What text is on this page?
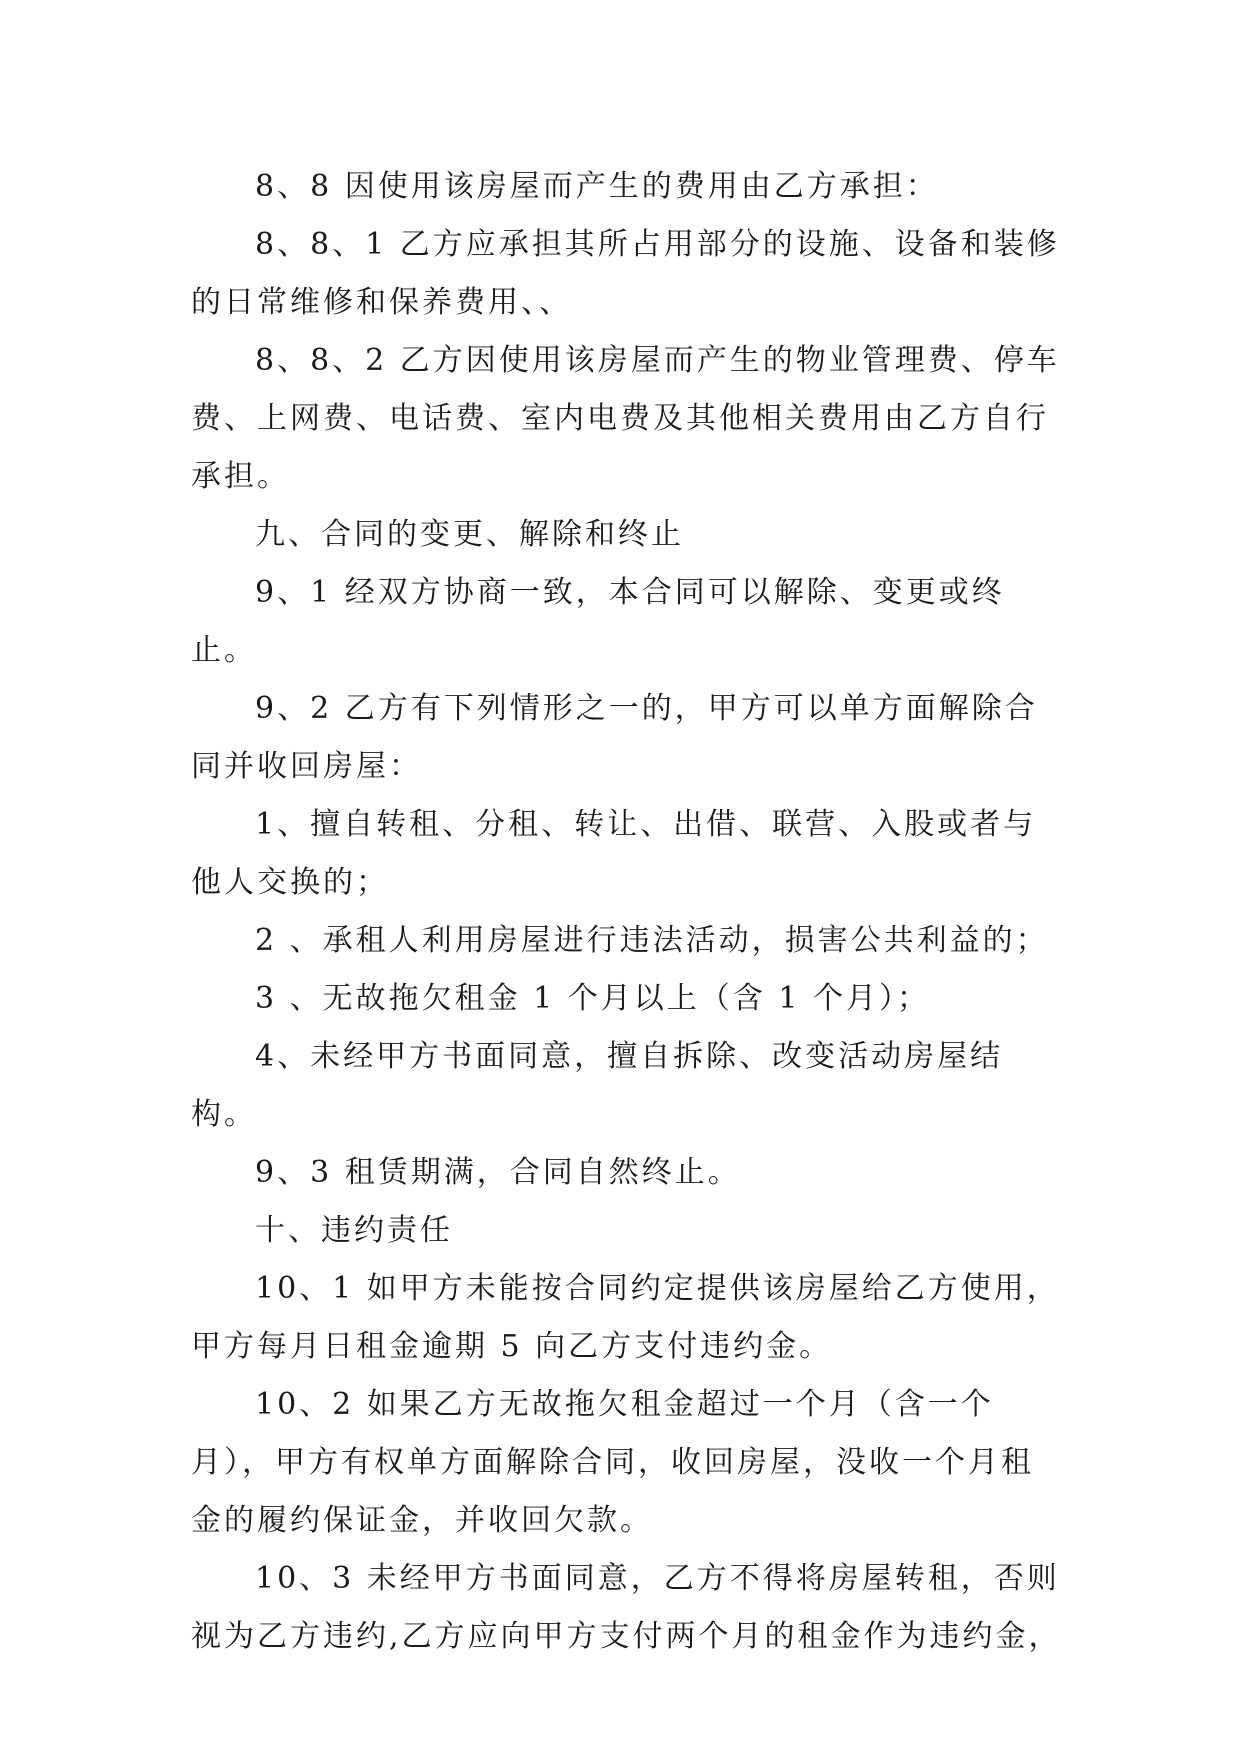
8、8 因使用该房屋而产生的费用由乙方承担：

8、8、1 乙方应承担其所占用部分的设施、设备和装修的日常维修和保养费用、、

8、8、2 乙方因使用该房屋而产生的物业管理费、停车费、上网费、电话费、室内电费及其他相关费用由乙方自行承担。

九、合同的变更、解除和终止

9、1 经双方协商一致，本合同可以解除、变更或终止。

9、2 乙方有下列情形之一的，甲方可以单方面解除合同并收回房屋：

1、擅自转租、分租、转让、出借、联营、入股或者与他人交换的；

2 、承租人利用房屋进行违法活动，损害公共利益的；

3 、无故拖欠租金 1 个月以上（含 1 个月）；

4、未经甲方书面同意，擅自拆除、改变活动房屋结构。

9、3 租赁期满，合同自然终止。

十、违约责任

10、1 如甲方未能按合同约定提供该房屋给乙方使用，甲方每月日租金逾期 5 向乙方支付违约金。

10、2 如果乙方无故拖欠租金超过一个月（含一个月），甲方有权单方面解除合同，收回房屋，没收一个月租金的履约保证金，并收回欠款。

10、3 未经甲方书面同意，乙方不得将房屋转租，否则视为乙方违约,乙方应向甲方支付两个月的租金作为违约金，
